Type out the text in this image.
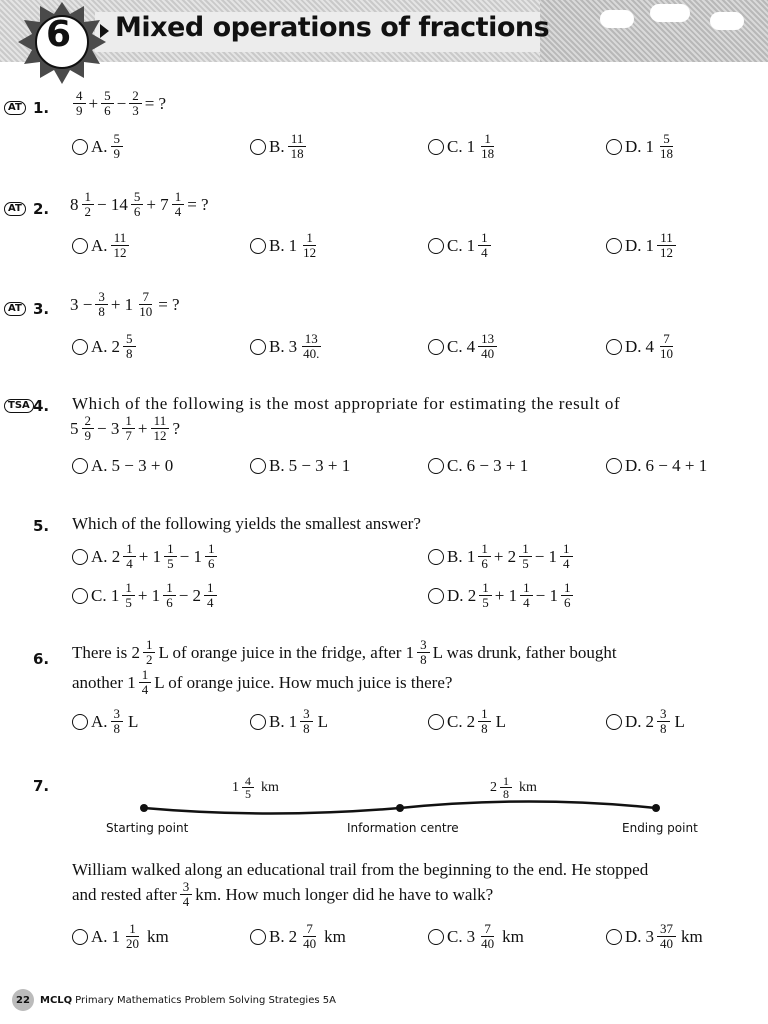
6 Mixed operations of fractions
AT 1. $\frac{4}{9} + \frac{5}{6} - \frac{2}{3}$ = ?
AT 2. $8 \frac{1}{2} - 14 \frac{5}{6} + 7 \frac{1}{4}$ = ?
AT 3. $3 - \frac{3}{8} + 1 \frac{7}{10}$ = ?
TSA 4. Which of the following is the most appropriate for estimating the result of
$5 \frac{2}{9} - 3 \frac{1}{7} + \frac{11}{12}$ ?
5. Which of the following yields the smallest answer?
A. $2 \frac{1}{4} + 1 \frac{1}{5} - 1 \frac{1}{6}$	B. $1 \frac{1}{6} + 2 \frac{1}{5} - 1 \frac{1}{4}$
C. $1 \frac{1}{5} + 1 \frac{1}{6} - 2 \frac{1}{4}$	D. $2 \frac{1}{5} + 1 \frac{1}{4} - 1 \frac{1}{6}$
6. There is $2 \frac{1}{2}$ L of orange juice in the fridge, after $1 \frac{3}{8}$ L was drunk, father bought
another $1 \frac{1}{4}$ L of orange juice. How much juice is there?
7.	$1 \frac{4}{5}$ km	$2 \frac{1}{8}$ km
Starting point	Information centre	Ending point
William walked along an educational trail from the beginning to the end. He stopped
and rested after $\frac{3}{4}$ km. How much longer did he have to walk?
A. $\frac{5}{9}$	B. $\frac{11}{18}$	C. $1 \frac{1}{18}$	D. $1 \frac{5}{18}$
A. $\frac{11}{12}$	B. $1 \frac{1}{12}$	C. $1 \frac{1}{4}$	D. $1 \frac{11}{12}$
A. $2 \frac{5}{8}$	B. $3 \frac{13}{40.}$	C. $4 \frac{13}{40}$	D. $4 \frac{7}{10}$
A. 5 − 3 + 0	B. 5 − 3 + 1	C. 6 − 3 + 1	D. 6 − 4 + 1
A. $\frac{3}{8}$ L	B. $1 \frac{3}{8}$ L	C. $2 \frac{1}{8}$ L	D. $2 \frac{3}{8}$ L
A. $1 \frac{1}{20}$ km	B. $2 \frac{7}{40}$ km	C. $3 \frac{7}{40}$ km	D. $3 \frac{37}{40}$ km
22	MCLQ Primary Mathematics Problem Solving Strategies 5A
